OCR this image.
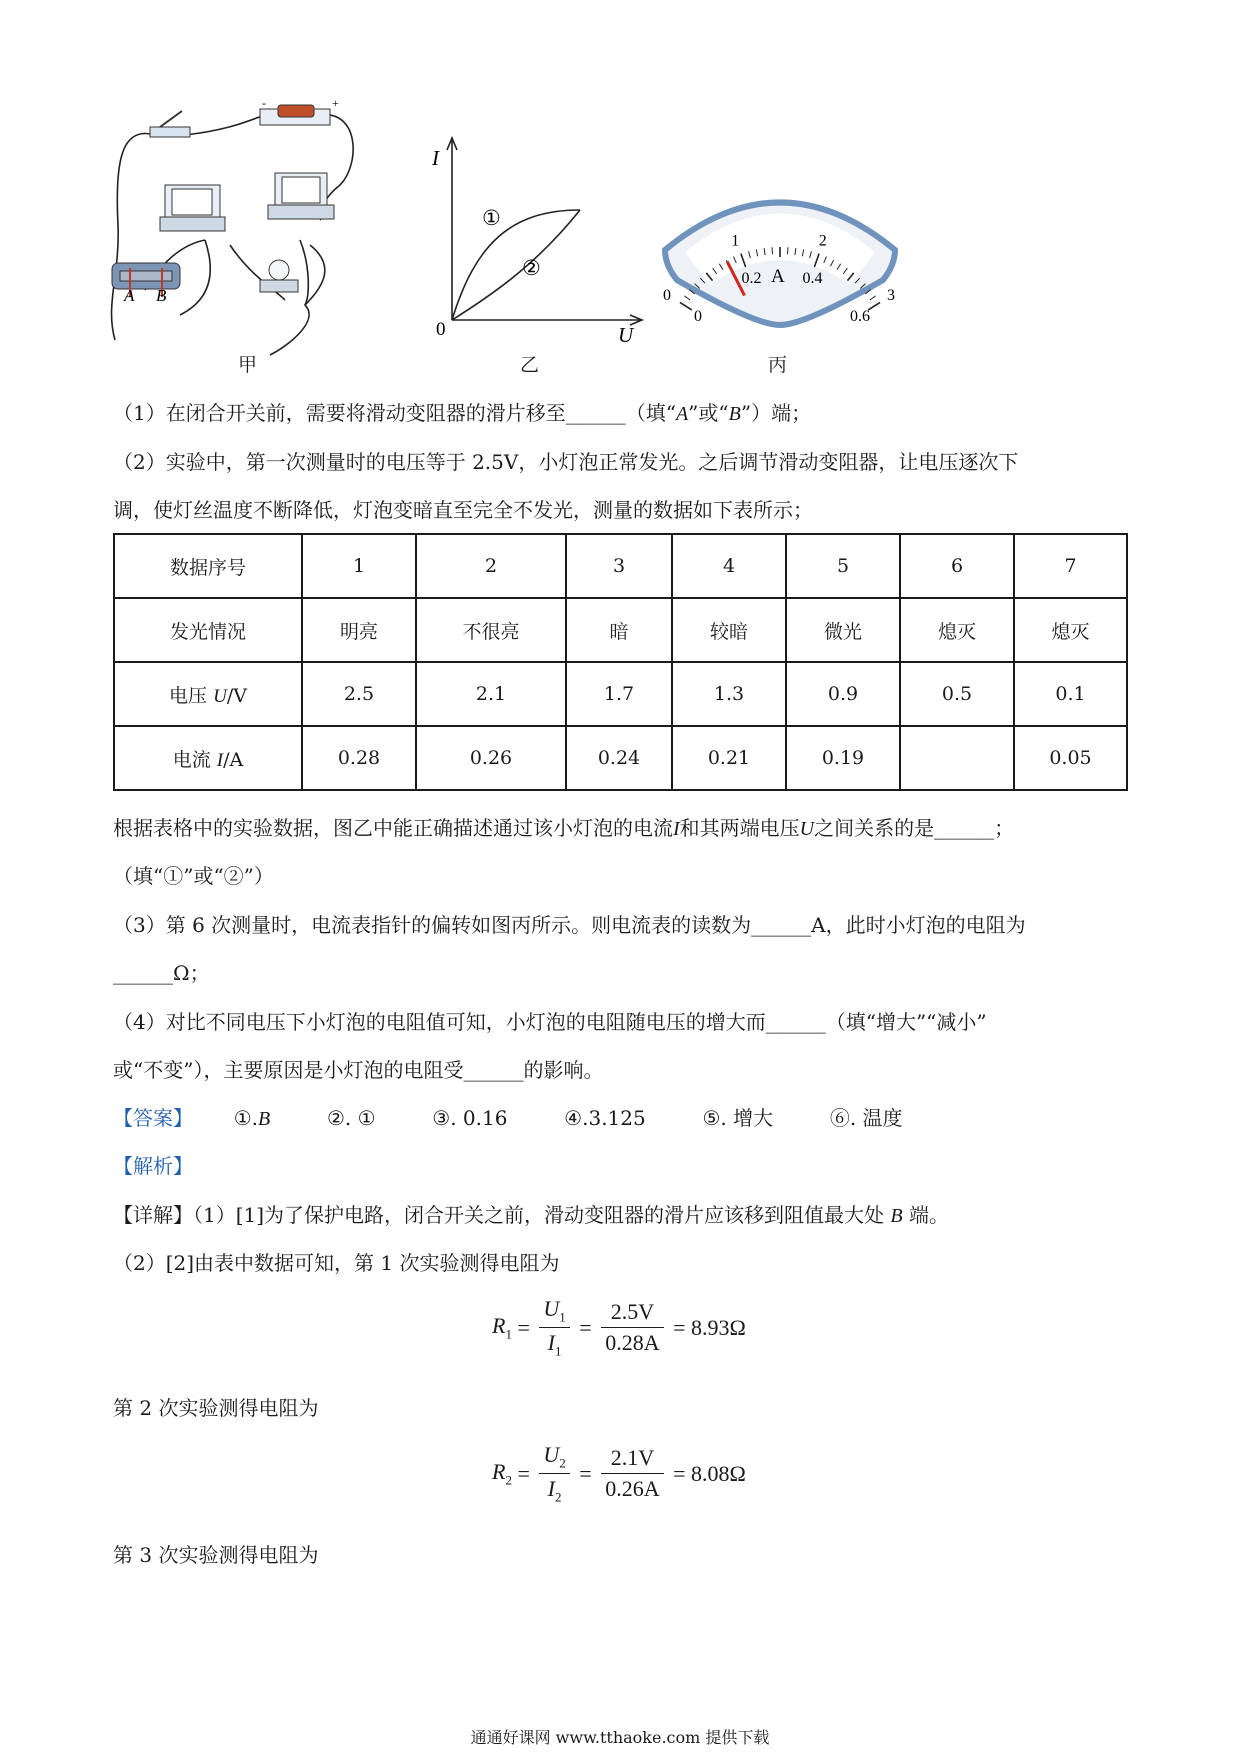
-	+
A B
甲
I
U
0
①
②
乙
0
1	2
3
0
0.2	0.4
0.6
A
丙
（1）在闭合开关前，需要将滑动变阻器的滑片移至______（填“A”或“B”）端；
（2）实验中，第一次测量时的电压等于 2.5V，小灯泡正常发光。之后调节滑动变阻器，让电压逐次下
调，使灯丝温度不断降低，灯泡变暗直至完全不发光，测量的数据如下表所示；
数据序号	1	2	3	4	5	6	7
发光情况	明亮	不很亮	暗	较暗	微光	熄灭	熄灭
电压 U/V	2.5	2.1	1.7	1.3	0.9	0.5	0.1
电流 I/A	0.28	0.26	0.24	0.21	0.19		0.05
根据表格中的实验数据，图乙中能正确描述通过该小灯泡的电流I和其两端电压U之间关系的是______；
（填“①”或“②”）
（3）第 6 次测量时，电流表指针的偏转如图丙所示。则电流表的读数为______A，此时小灯泡的电阻为
______Ω；
（4）对比不同电压下小灯泡的电阻值可知，小灯泡的电阻随电压的增大而______（填“增大”“减小”
或“不变”），主要原因是小灯泡的电阻受______的影响。
【答案】 ①.B	②. ①	③. 0.16	④.3.125	⑤. 增大	⑥. 温度
【解析】
【详解】（1）[1]为了保护电路，闭合开关之前，滑动变阻器的滑片应该移到阻值最大处 B 端。
（2）[2]由表中数据可知，第 1 次实验测得电阻为
$R_1 = \frac{U_1}{I_1} = \frac{2.5V}{0.28A} = 8.93\Omega$
第 2 次实验测得电阻为
$R_2 = \frac{U_2}{I_2} = \frac{2.1V}{0.26A} = 8.08\Omega$
第 3 次实验测得电阻为
通通好课网 www.tthaoke.com 提供下载
